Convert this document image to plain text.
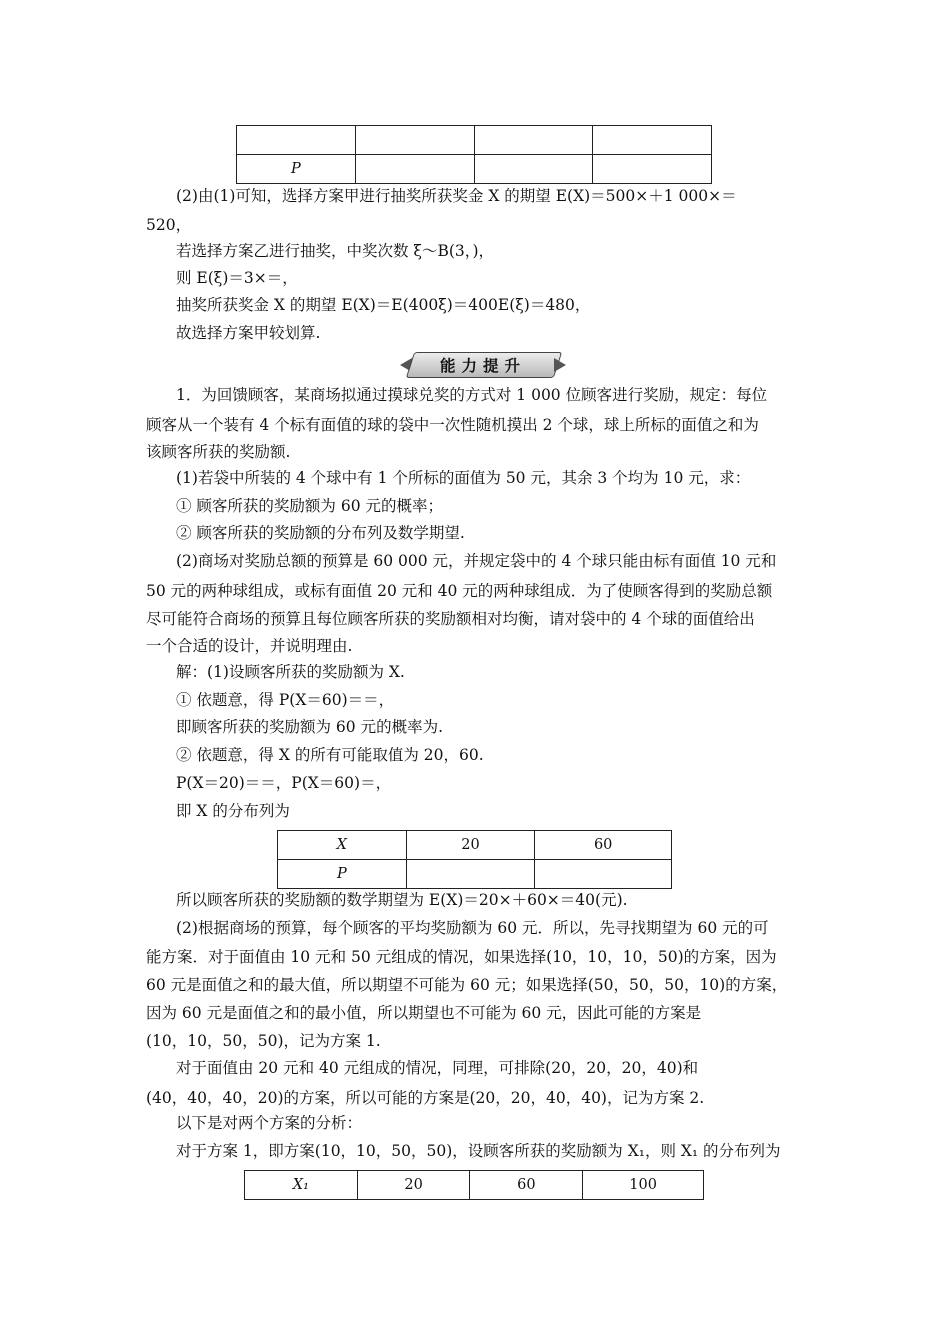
P			
(2)由(1)可知，选择方案甲进行抽奖所获奖金 X 的期望 E(X)＝500×＋1 000×＝
520，
若选择方案乙进行抽奖，中奖次数 ξ～B(3，)，
则 E(ξ)＝3×＝，
抽奖所获奖金 X 的期望 E(X)＝E(400ξ)＝400E(ξ)＝480，
故选择方案甲较划算.
能力提升
1．为回馈顾客，某商场拟通过摸球兑奖的方式对 1 000 位顾客进行奖励，规定：每位
顾客从一个装有 4 个标有面值的球的袋中一次性随机摸出 2 个球，球上所标的面值之和为
该顾客所获的奖励额.
(1)若袋中所装的 4 个球中有 1 个所标的面值为 50 元，其余 3 个均为 10 元，求：
① 顾客所获的奖励额为 60 元的概率；
② 顾客所获的奖励额的分布列及数学期望.
(2)商场对奖励总额的预算是 60 000 元，并规定袋中的 4 个球只能由标有面值 10 元和
50 元的两种球组成，或标有面值 20 元和 40 元的两种球组成．为了使顾客得到的奖励总额
尽可能符合商场的预算且每位顾客所获的奖励额相对均衡，请对袋中的 4 个球的面值给出
一个合适的设计，并说明理由.
解：(1)设顾客所获的奖励额为 X.
① 依题意，得 P(X＝60)＝＝，
即顾客所获的奖励额为 60 元的概率为.
② 依题意，得 X 的所有可能取值为 20，60.
P(X＝20)＝＝，P(X＝60)＝，
即 X 的分布列为
X	20	60
P		
所以顾客所获的奖励额的数学期望为 E(X)＝20×＋60×＝40(元).
(2)根据商场的预算，每个顾客的平均奖励额为 60 元．所以，先寻找期望为 60 元的可
能方案．对于面值由 10 元和 50 元组成的情况，如果选择(10，10，10，50)的方案，因为
60 元是面值之和的最大值，所以期望不可能为 60 元；如果选择(50，50，50，10)的方案，
因为 60 元是面值之和的最小值，所以期望也不可能为 60 元，因此可能的方案是
(10，10，50，50)，记为方案 1.
对于面值由 20 元和 40 元组成的情况，同理，可排除(20，20，20，40)和
(40，40，40，20)的方案，所以可能的方案是(20，20，40，40)，记为方案 2.
以下是对两个方案的分析：
对于方案 1，即方案(10，10，50，50)，设顾客所获的奖励额为 X₁，则 X₁ 的分布列为
X₁	20	60	100
